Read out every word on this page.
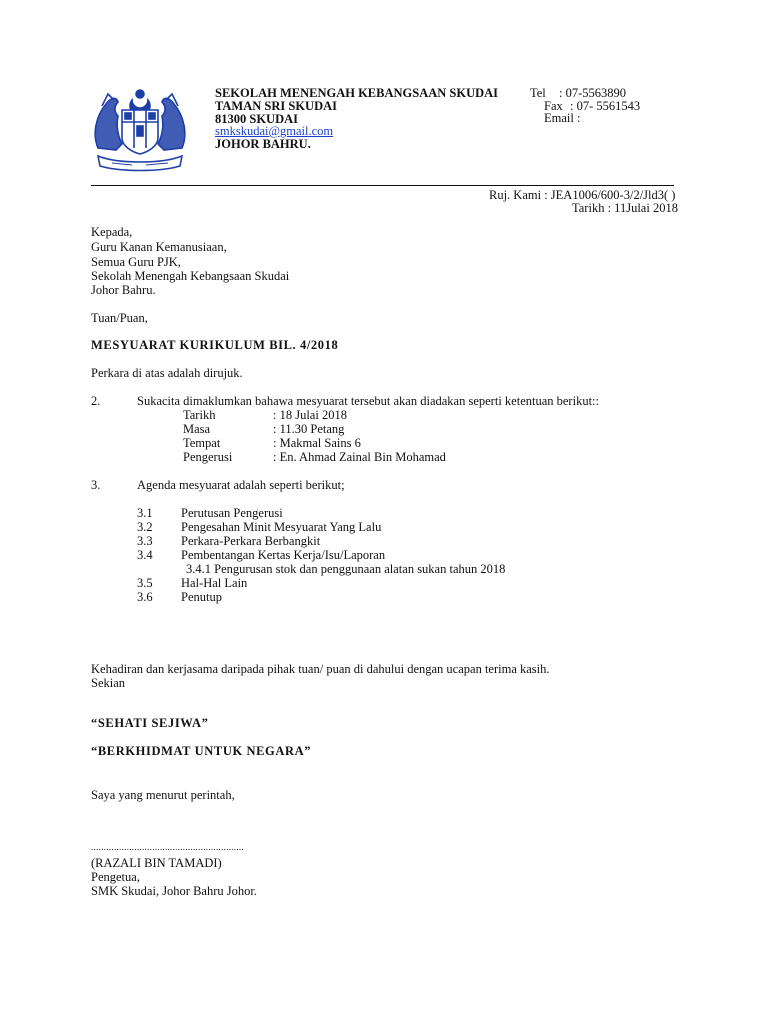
SEKOLAH MENENGAH KEBANGSAAN SKUDAI
TAMAN SRI SKUDAI
81300 SKUDAI
smkskudai@gmail.com
JOHOR BAHRU.
Tel : 07-5563890
Fax : 07- 5561543
Email :
Ruj. Kami : JEA1006/600-3/2/Jld3( )
Tarikh : 11Julai 2018
Kepada,
Guru Kanan Kemanusiaan,
Semua Guru PJK,
Sekolah Menengah Kebangsaan Skudai
Johor Bahru.
Tuan/Puan,
MESYUARAT KURIKULUM BIL. 4/2018
Perkara di atas adalah dirujuk.
2.	Sukacita dimaklumkan bahawa mesyuarat tersebut akan diadakan seperti ketentuan berikut::
Tarikh	: 18 Julai 2018
Masa	: 11.30 Petang
Tempat	: Makmal Sains 6
Pengerusi	: En. Ahmad Zainal Bin Mohamad
3.	Agenda mesyuarat adalah seperti berikut;
3.1 Perutusan Pengerusi
3.2 Pengesahan Minit Mesyuarat Yang Lalu
3.3 Perkara-Perkara Berbangkit
3.4 Pembentangan Kertas Kerja/Isu/Laporan
3.4.1 Pengurusan stok dan penggunaan alatan sukan tahun 2018
3.5 Hal-Hal Lain
3.6 Penutup
Kehadiran dan kerjasama daripada pihak tuan/ puan di dahului dengan ucapan terima kasih.
Sekian
“SEHATI SEJIWA”
“BERKHIDMAT UNTUK NEGARA”
Saya yang menurut perintah,
............................................................
(RAZALI BIN TAMADI)
Pengetua,
SMK Skudai, Johor Bahru Johor.
